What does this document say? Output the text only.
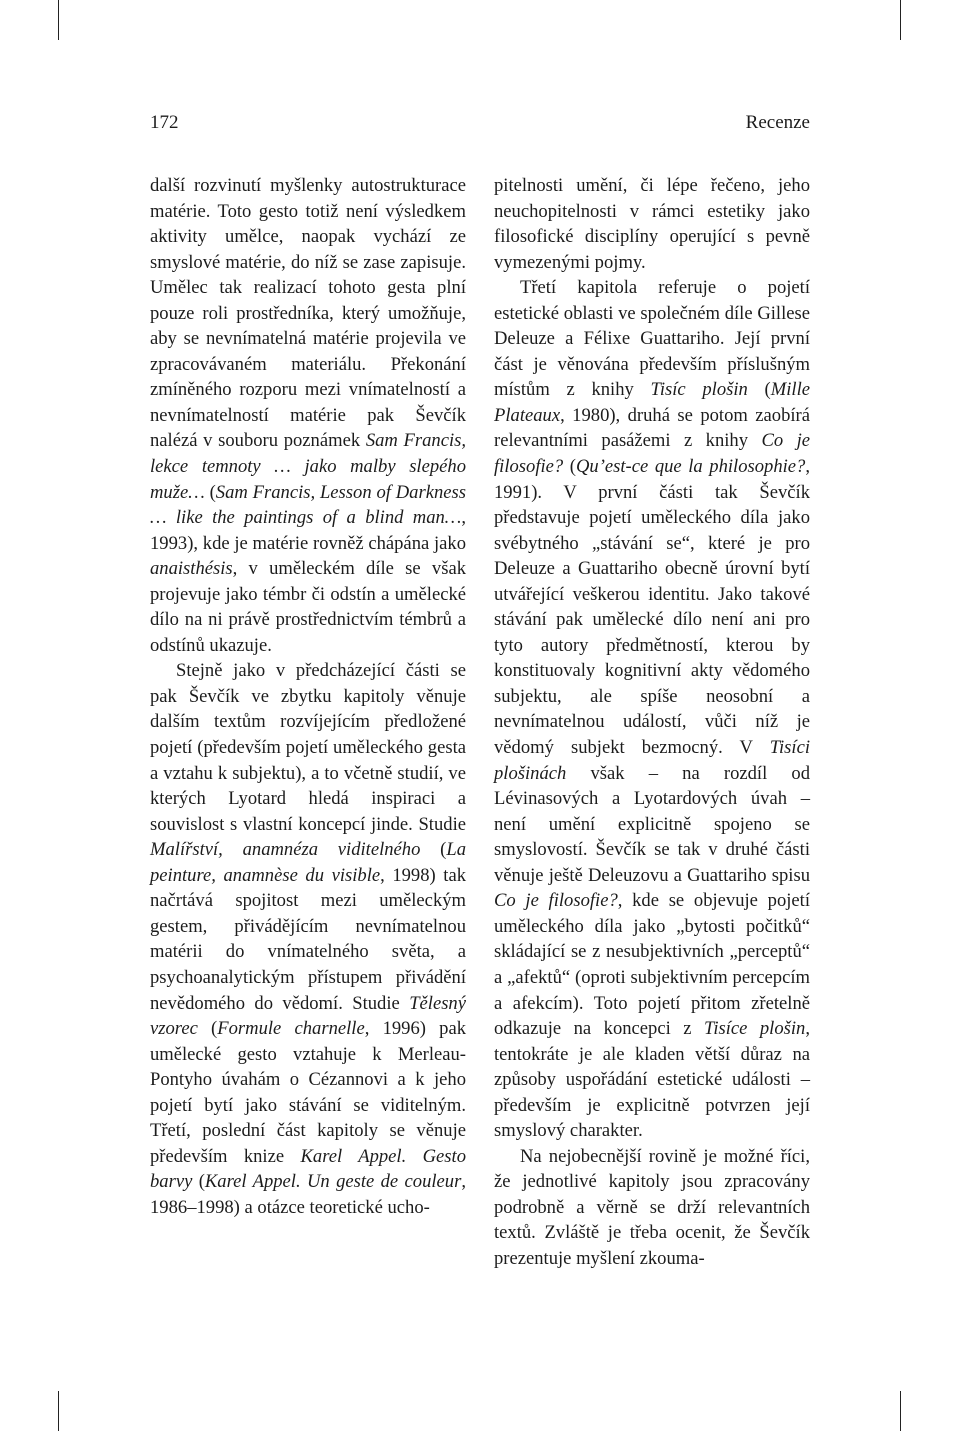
172	Recenze

další rozvinutí myšlenky autostrukturace matérie. Toto gesto totiž není výsledkem aktivity umělce, naopak vychází ze smyslové matérie, do níž se zase zapisuje. Umělec tak realizací tohoto gesta plní pouze roli prostředníka, který umožňuje, aby se nevnímatelná matérie projevila ve zpracovávaném materiálu. Překonání zmíněného rozporu mezi vnímatelností a nevnímatelností matérie pak Ševčík nalézá v souboru poznámek Sam Francis, lekce temnoty … jako malby slepého muže… (Sam Francis, Lesson of Darkness … like the paintings of a blind man…, 1993), kde je matérie rovněž chápána jako anaisthésis, v uměleckém díle se však projevuje jako témbr či odstín a umělecké dílo na ni právě prostřednictvím témbrů a odstínů ukazuje.

Stejně jako v předcházející části se pak Ševčík ve zbytku kapitoly věnuje dalším textům rozvíjejícím předložené pojetí (především pojetí uměleckého gesta a vztahu k subjektu), a to včetně studií, ve kterých Lyotard hledá inspiraci a souvislost s vlastní koncepcí jinde. Studie Malířství, anamnéza viditelného (La peinture, anamnèse du visible, 1998) tak načrtává spojitost mezi uměleckým gestem, přivádějícím nevnímatelnou matérii do vnímatelného světa, a psychoanalytickým přístupem přivádění nevědomého do vědomí. Studie Tělesný vzorec (Formule charnelle, 1996) pak umělecké gesto vztahuje k Merleau-Pontyho úvahám o Cézannovi a k jeho pojetí bytí jako stávání se viditelným. Třetí, poslední část kapitoly se věnuje především knize Karel Appel. Gesto barvy (Karel Appel. Un geste de couleur, 1986–1998) a otázce teoretické ucho-

pitelnosti umění, či lépe řečeno, jeho neuchopitelnosti v rámci estetiky jako filosofické disciplíny operující s pevně vymezenými pojmy.

Třetí kapitola referuje o pojetí estetické oblasti ve společném díle Gillese Deleuze a Félixe Guattariho. Její první část je věnována především příslušným místům z knihy Tisíc plošin (Mille Plateaux, 1980), druhá se potom zaobírá relevantními pasážemi z knihy Co je filosofie? (Qu’est-ce que la philosophie?, 1991). V první části tak Ševčík představuje pojetí uměleckého díla jako svébytného „stávání se“, které je pro Deleuze a Guattariho obecně úrovní bytí utvářející veškerou identitu. Jako takové stávání pak umělecké dílo není ani pro tyto autory předmětností, kterou by konstituovaly kognitivní akty vědomého subjektu, ale spíše neosobní a nevnímatelnou událostí, vůči níž je vědomý subjekt bezmocný. V Tisíci plošinách však – na rozdíl od Lévinasových a Lyotardových úvah – není umění explicitně spojeno se smyslovostí. Ševčík se tak v druhé části věnuje ještě Deleuzovu a Guattariho spisu Co je filosofie?, kde se objevuje pojetí uměleckého díla jako „bytosti počitků“ skládající se z nesubjektivních „perceptů“ a „afektů“ (oproti subjektivním percepcím a afekcím). Toto pojetí přitom zřetelně odkazuje na koncepci z Tisíce plošin, tentokráte je ale kladen větší důraz na způsoby uspořádání estetické události – především je explicitně potvrzen její smyslový charakter.

Na nejobecnější rovině je možné říci, že jednotlivé kapitoly jsou zpracovány podrobně a věrně se drží relevantních textů. Zvláště je třeba ocenit, že Ševčík prezentuje myšlení zkouma-
